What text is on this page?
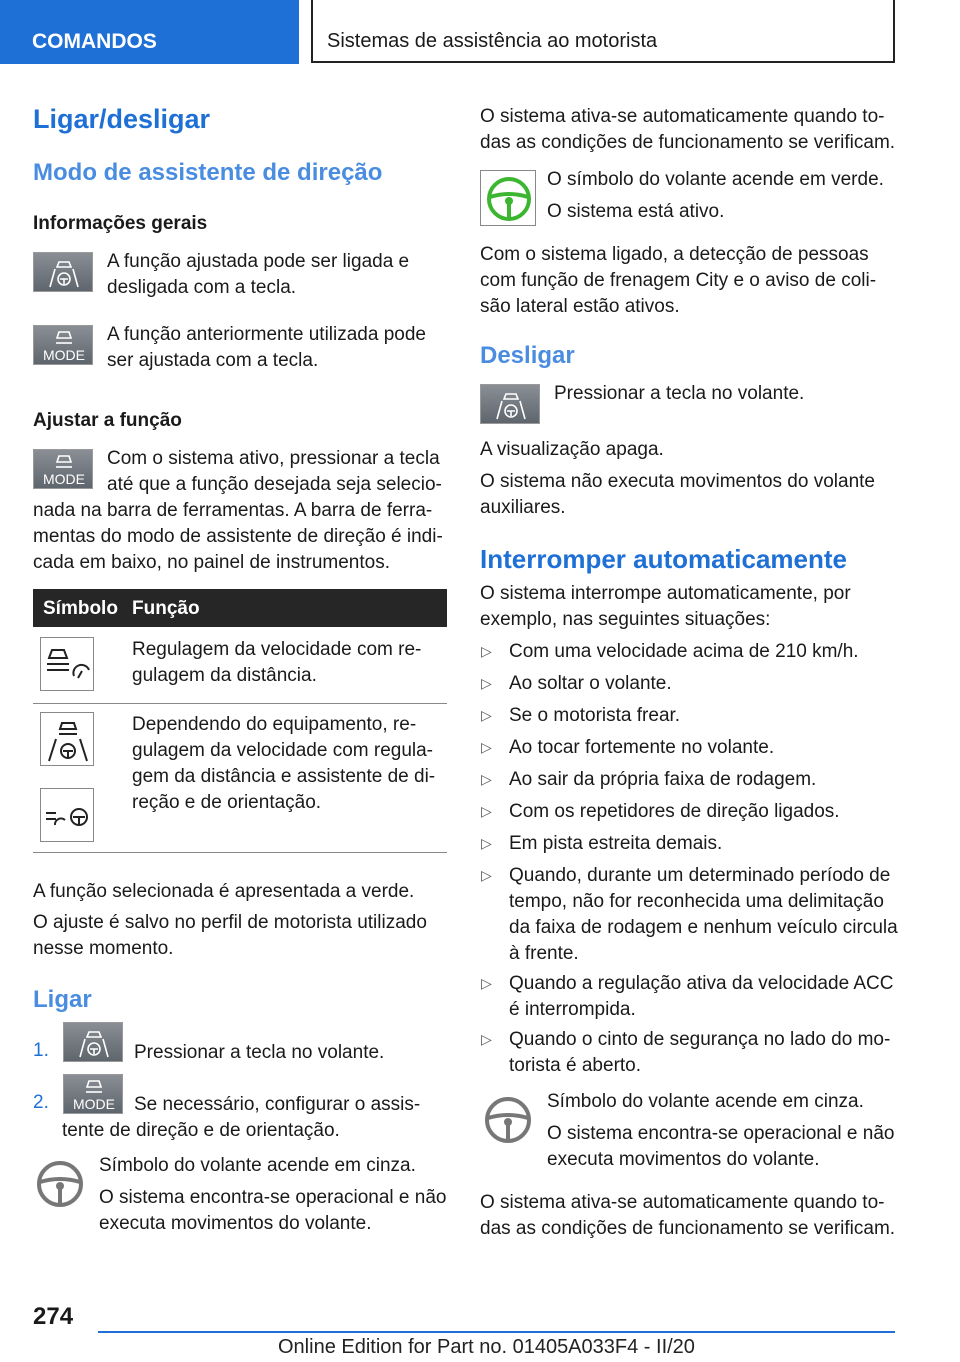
COMANDOS	Sistemas de assistência ao motorista
Ligar/desligar
Modo de assistente de direção
Informações gerais
A função ajustada pode ser ligada e
desligada com a tecla.
MODE
A função anteriormente utilizada pode
ser ajustada com a tecla.
Ajustar a função
MODE
Com o sistema ativo, pressionar a tecla
até que a função desejada seja selecio-
nada na barra de ferramentas. A barra de ferra-
mentas do modo de assistente de direção é indi-
cada em baixo, no painel de instrumentos.
Símbolo Função
Regulagem da velocidade com re-
gulagem da distância.
Dependendo do equipamento, re-
gulagem da velocidade com regula-
gem da distância e assistente de di-
reção e de orientação.
A função selecionada é apresentada a verde.
O ajuste é salvo no perfil de motorista utilizado
nesse momento.
Ligar
1.	Pressionar a tecla no volante.
2. MODE Se necessário, configurar o assis-
tente de direção e de orientação.
Símbolo do volante acende em cinza.
O sistema encontra-se operacional e não
executa movimentos do volante.
O sistema ativa-se automaticamente quando to-
das as condições de funcionamento se verificam.
O símbolo do volante acende em verde.
O sistema está ativo.
Com o sistema ligado, a detecção de pessoas
com função de frenagem City e o aviso de coli-
são lateral estão ativos.
Desligar
Pressionar a tecla no volante.
A visualização apaga.
O sistema não executa movimentos do volante
auxiliares.
Interromper automaticamente
O sistema interrompe automaticamente, por
exemplo, nas seguintes situações:
▷ Com uma velocidade acima de 210 km/h.
▷ Ao soltar o volante.
▷ Se o motorista frear.
▷ Ao tocar fortemente no volante.
▷ Ao sair da própria faixa de rodagem.
▷ Com os repetidores de direção ligados.
▷ Em pista estreita demais.
▷ Quando, durante um determinado período de
tempo, não for reconhecida uma delimitação
da faixa de rodagem e nenhum veículo circula
à frente.
▷ Quando a regulação ativa da velocidade ACC
é interrompida.
▷ Quando o cinto de segurança no lado do mo-
torista é aberto.
Símbolo do volante acende em cinza.
O sistema encontra-se operacional e não
executa movimentos do volante.
O sistema ativa-se automaticamente quando to-
das as condições de funcionamento se verificam.
274
Online Edition for Part no. 01405A033F4 - II/20
